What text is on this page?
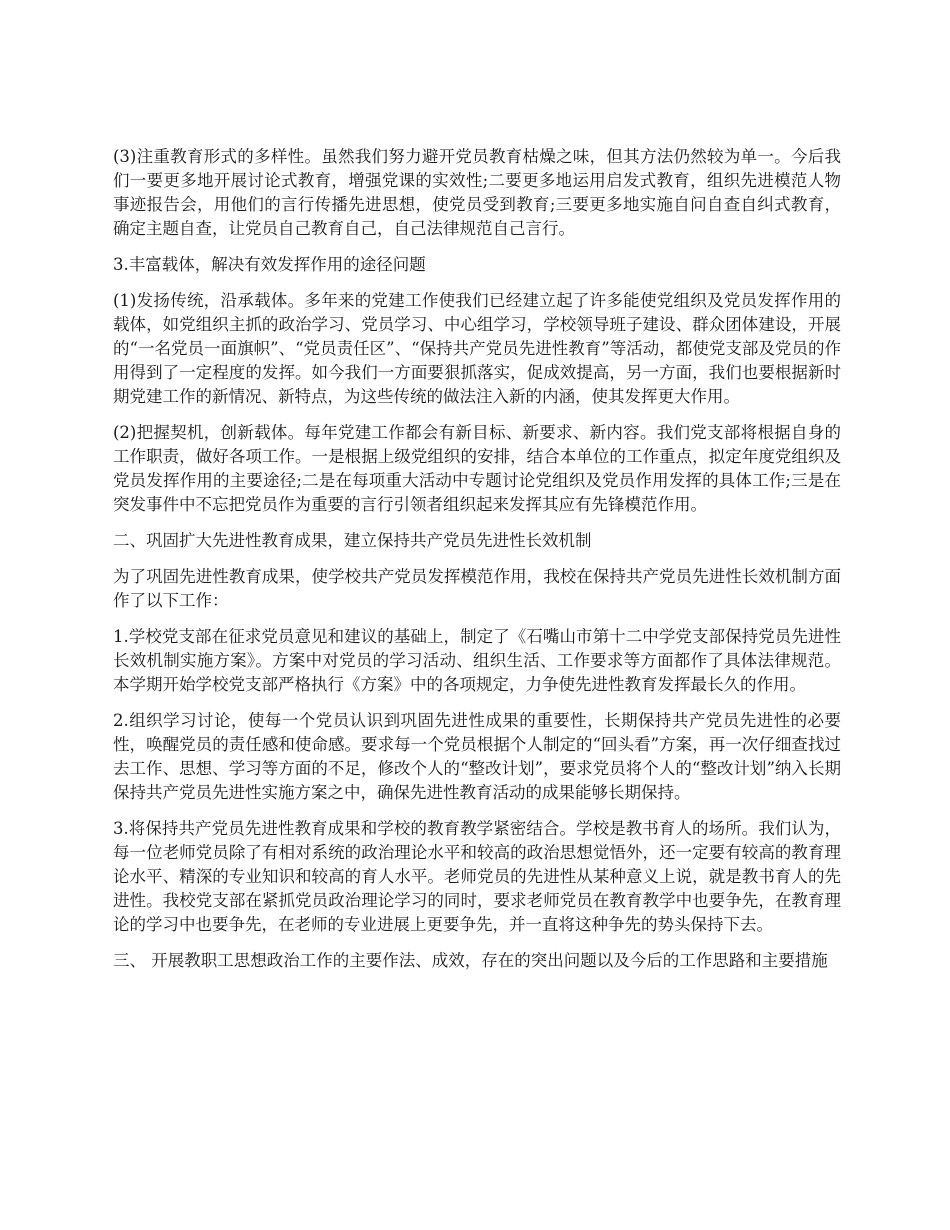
(3)注重教育形式的多样性。虽然我们努力避开党员教育枯燥之味，但其方法仍然较为单一。今后我们一要更多地开展讨论式教育，增强党课的实效性;二要更多地运用启发式教育，组织先进模范人物事迹报告会，用他们的言行传播先进思想，使党员受到教育;三要更多地实施自问自查自纠式教育，确定主题自查，让党员自己教育自己，自己法律规范自己言行。

3.丰富载体，解决有效发挥作用的途径问题

(1)发扬传统，沿承载体。多年来的党建工作使我们已经建立起了许多能使党组织及党员发挥作用的载体，如党组织主抓的政治学习、党员学习、中心组学习，学校领导班子建设、群众团体建设，开展的“一名党员一面旗帜”、“党员责任区”、“保持共产党员先进性教育”等活动，都使党支部及党员的作用得到了一定程度的发挥。如今我们一方面要狠抓落实，促成效提高，另一方面，我们也要根据新时期党建工作的新情况、新特点，为这些传统的做法注入新的内涵，使其发挥更大作用。

(2)把握契机，创新载体。每年党建工作都会有新目标、新要求、新内容。我们党支部将根据自身的工作职责，做好各项工作。一是根据上级党组织的安排，结合本单位的工作重点，拟定年度党组织及党员发挥作用的主要途径;二是在每项重大活动中专题讨论党组织及党员作用发挥的具体工作;三是在突发事件中不忘把党员作为重要的言行引领者组织起来发挥其应有先锋模范作用。

二、巩固扩大先进性教育成果，建立保持共产党员先进性长效机制

为了巩固先进性教育成果，使学校共产党员发挥模范作用，我校在保持共产党员先进性长效机制方面作了以下工作：

1.学校党支部在征求党员意见和建议的基础上，制定了《石嘴山市第十二中学党支部保持党员先进性长效机制实施方案》。方案中对党员的学习活动、组织生活、工作要求等方面都作了具体法律规范。本学期开始学校党支部严格执行《方案》中的各项规定，力争使先进性教育发挥最长久的作用。

2.组织学习讨论，使每一个党员认识到巩固先进性成果的重要性，长期保持共产党员先进性的必要性，唤醒党员的责任感和使命感。要求每一个党员根据个人制定的“回头看”方案，再一次仔细查找过去工作、思想、学习等方面的不足，修改个人的“整改计划”，要求党员将个人的“整改计划”纳入长期保持共产党员先进性实施方案之中，确保先进性教育活动的成果能够长期保持。

3.将保持共产党员先进性教育成果和学校的教育教学紧密结合。学校是教书育人的场所。我们认为，每一位老师党员除了有相对系统的政治理论水平和较高的政治思想觉悟外，还一定要有较高的教育理论水平、精深的专业知识和较高的育人水平。老师党员的先进性从某种意义上说，就是教书育人的先进性。我校党支部在紧抓党员政治理论学习的同时，要求老师党员在教育教学中也要争先，在教育理论的学习中也要争先，在老师的专业进展上更要争先，并一直将这种争先的势头保持下去。

三、 开展教职工思想政治工作的主要作法、成效，存在的突出问题以及今后的工作思路和主要措施
